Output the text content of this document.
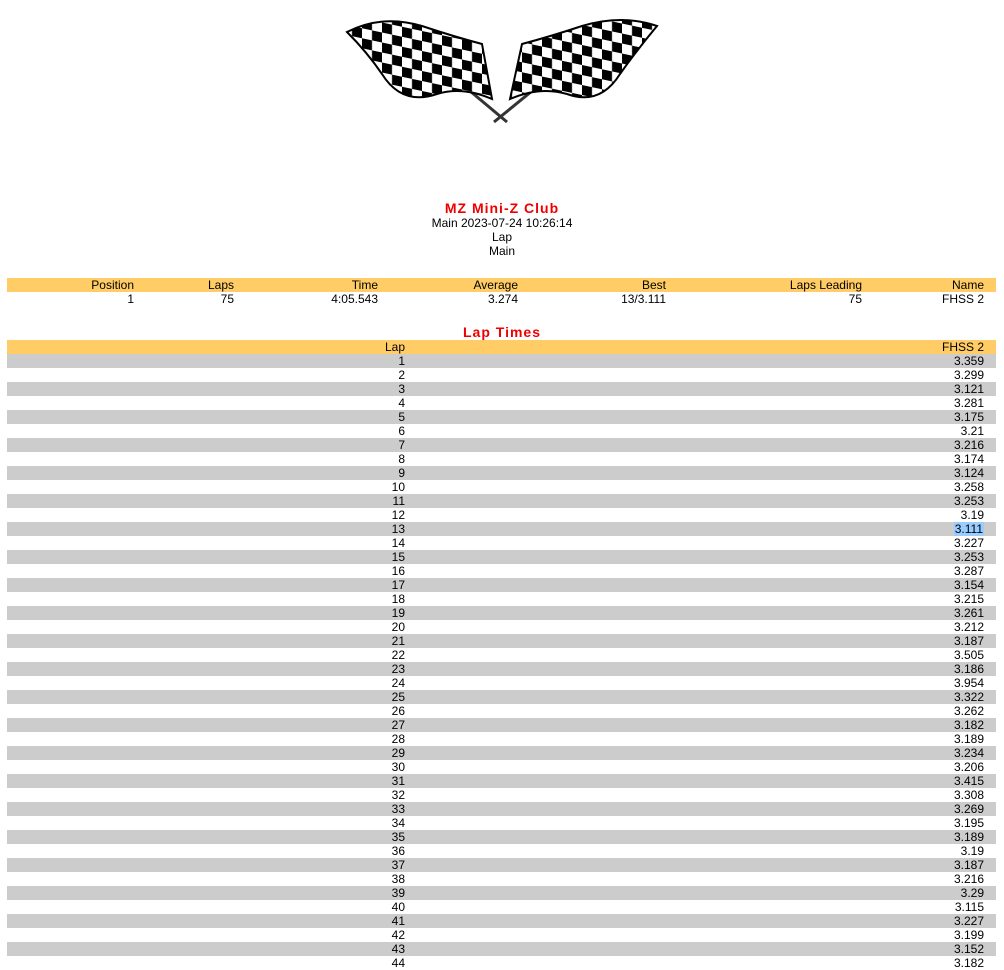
MZ Mini-Z Club
Main 2023-07-24 10:26:14
Lap
Main
Position	Laps	Time	Average	Best	Laps Leading	Name
1	75	4:05.543	3.274	13/3.111	75	FHSS 2
Lap Times
Lap	FHSS 2
1	3.359
2	3.299
3	3.121
4	3.281
5	3.175
6	3.21
7	3.216
8	3.174
9	3.124
10	3.258
11	3.253
12	3.19
13	3.111
14	3.227
15	3.253
16	3.287
17	3.154
18	3.215
19	3.261
20	3.212
21	3.187
22	3.505
23	3.186
24	3.954
25	3.322
26	3.262
27	3.182
28	3.189
29	3.234
30	3.206
31	3.415
32	3.308
33	3.269
34	3.195
35	3.189
36	3.19
37	3.187
38	3.216
39	3.29
40	3.115
41	3.227
42	3.199
43	3.152
44	3.182
